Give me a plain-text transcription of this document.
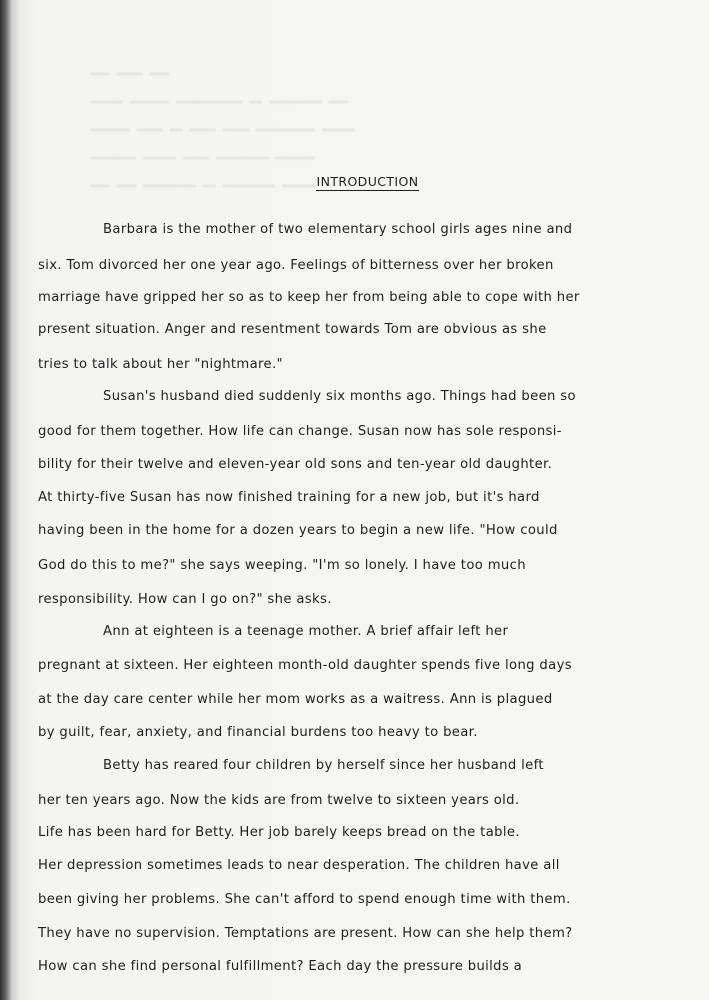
▬▬▬ ▬▬▬▬ ▬▬▬
▬▬▬▬▬ ▬▬▬▬▬▬ ▬▬▬▬▬▬▬▬▬▬ ▬▬ ▬▬▬▬▬▬▬▬ ▬▬▬
▬▬▬▬▬▬ ▬▬▬▬ ▬▬ ▬▬▬▬ ▬▬▬▬ ▬▬▬▬▬▬▬▬▬ ▬▬▬▬▬
▬▬▬▬▬▬▬ ▬▬▬▬▬ ▬▬▬▬ ▬▬▬▬▬▬▬▬ ▬▬▬▬▬▬
▬▬▬ ▬▬▬ ▬▬▬▬▬▬▬▬ ▬▬ ▬▬▬▬▬▬▬▬ ▬▬▬▬▬ INTRODUCTION
Barbara is the mother of two elementary school girls ages nine and
six. Tom divorced her one year ago. Feelings of bitterness over her broken
marriage have gripped her so as to keep her from being able to cope with her
present situation. Anger and resentment towards Tom are obvious as she
tries to talk about her "nightmare."
Susan's husband died suddenly six months ago. Things had been so
good for them together. How life can change. Susan now has sole responsi-
bility for their twelve and eleven-year old sons and ten-year old daughter.
At thirty-five Susan has now finished training for a new job, but it's hard
having been in the home for a dozen years to begin a new life. "How could
God do this to me?" she says weeping. "I'm so lonely. I have too much
responsibility. How can I go on?" she asks.
Ann at eighteen is a teenage mother. A brief affair left her
pregnant at sixteen. Her eighteen month-old daughter spends five long days
at the day care center while her mom works as a waitress. Ann is plagued
by guilt, fear, anxiety, and financial burdens too heavy to bear.
Betty has reared four children by herself since her husband left
her ten years ago. Now the kids are from twelve to sixteen years old.
Life has been hard for Betty. Her job barely keeps bread on the table.
Her depression sometimes leads to near desperation. The children have all
been giving her problems. She can't afford to spend enough time with them.
They have no supervision. Temptations are present. How can she help them?
How can she find personal fulfillment? Each day the pressure builds a
